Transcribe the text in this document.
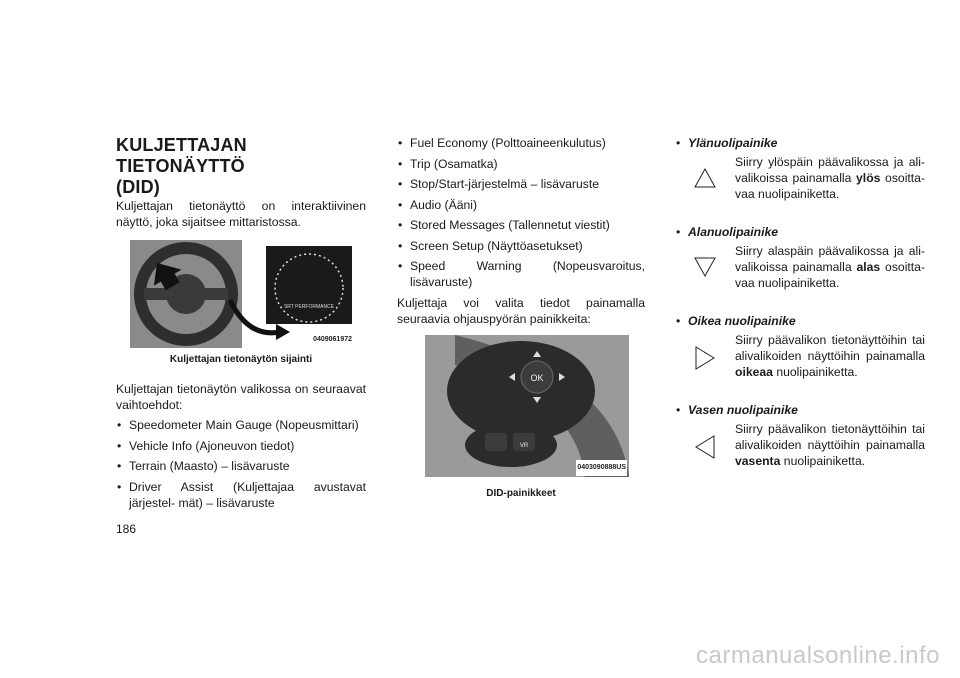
KULJETTAJAN TIETONÄYTTÖ
(DID)

Kuljettajan tietonäyttö on interaktiivinen näyttö, joka sijaitsee mittaristossa.

SRT PERFORMANCE
0409061972
Kuljettajan tietonäytön sijainti

Kuljettajan tietonäytön valikossa on seuraavat vaihtoehdot:

• Speedometer Main Gauge (Nopeusmittari)
• Vehicle Info (Ajoneuvon tiedot)
• Terrain (Maasto) – lisävaruste
• Driver Assist (Kuljettajaa avustavat järjestel- mät) – lisävaruste
• Fuel Economy (Polttoaineenkulutus)
• Trip (Osamatka)
• Stop/Start-järjestelmä – lisävaruste
• Audio (Ääni)
• Stored Messages (Tallennetut viestit)
• Screen Setup (Näyttöasetukset)
• Speed Warning (Nopeusvaroitus, lisävaruste)

Kuljettaja voi valita tiedot painamalla seuraavia ohjauspyörän painikkeita:

OK
VR
0403090888US
DID-painikkeet
• Ylänuolipainike
Siirry ylöspäin päävalikossa ja ali- valikoissa painamalla ylös osoitta- vaa nuolipainiketta.
• Alanuolipainike
Siirry alaspäin päävalikossa ja ali- valikoissa painamalla alas osoitta- vaa nuolipainiketta.
• Oikea nuolipainike
Siirry päävalikon tietonäyttöihin tai alivalikoiden näyttöihin painamalla oikeaa nuolipainiketta.
• Vasen nuolipainike
Siirry päävalikon tietonäyttöihin tai alivalikoiden näyttöihin painamalla vasenta nuolipainiketta.
186
carmanualsonline.info
